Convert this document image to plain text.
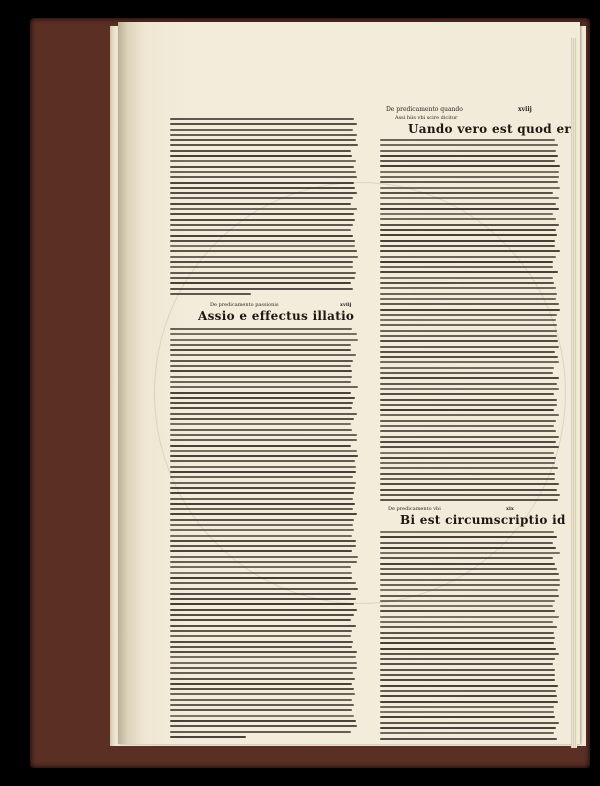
De predicamento quando	xviij
Assi hiis vbi scire dicitur
De predicamento passionis	xviij
Assio e effectus illatio
Uando vero est quod er
De predicamento vbi	xix
Bi est circumscriptio id
